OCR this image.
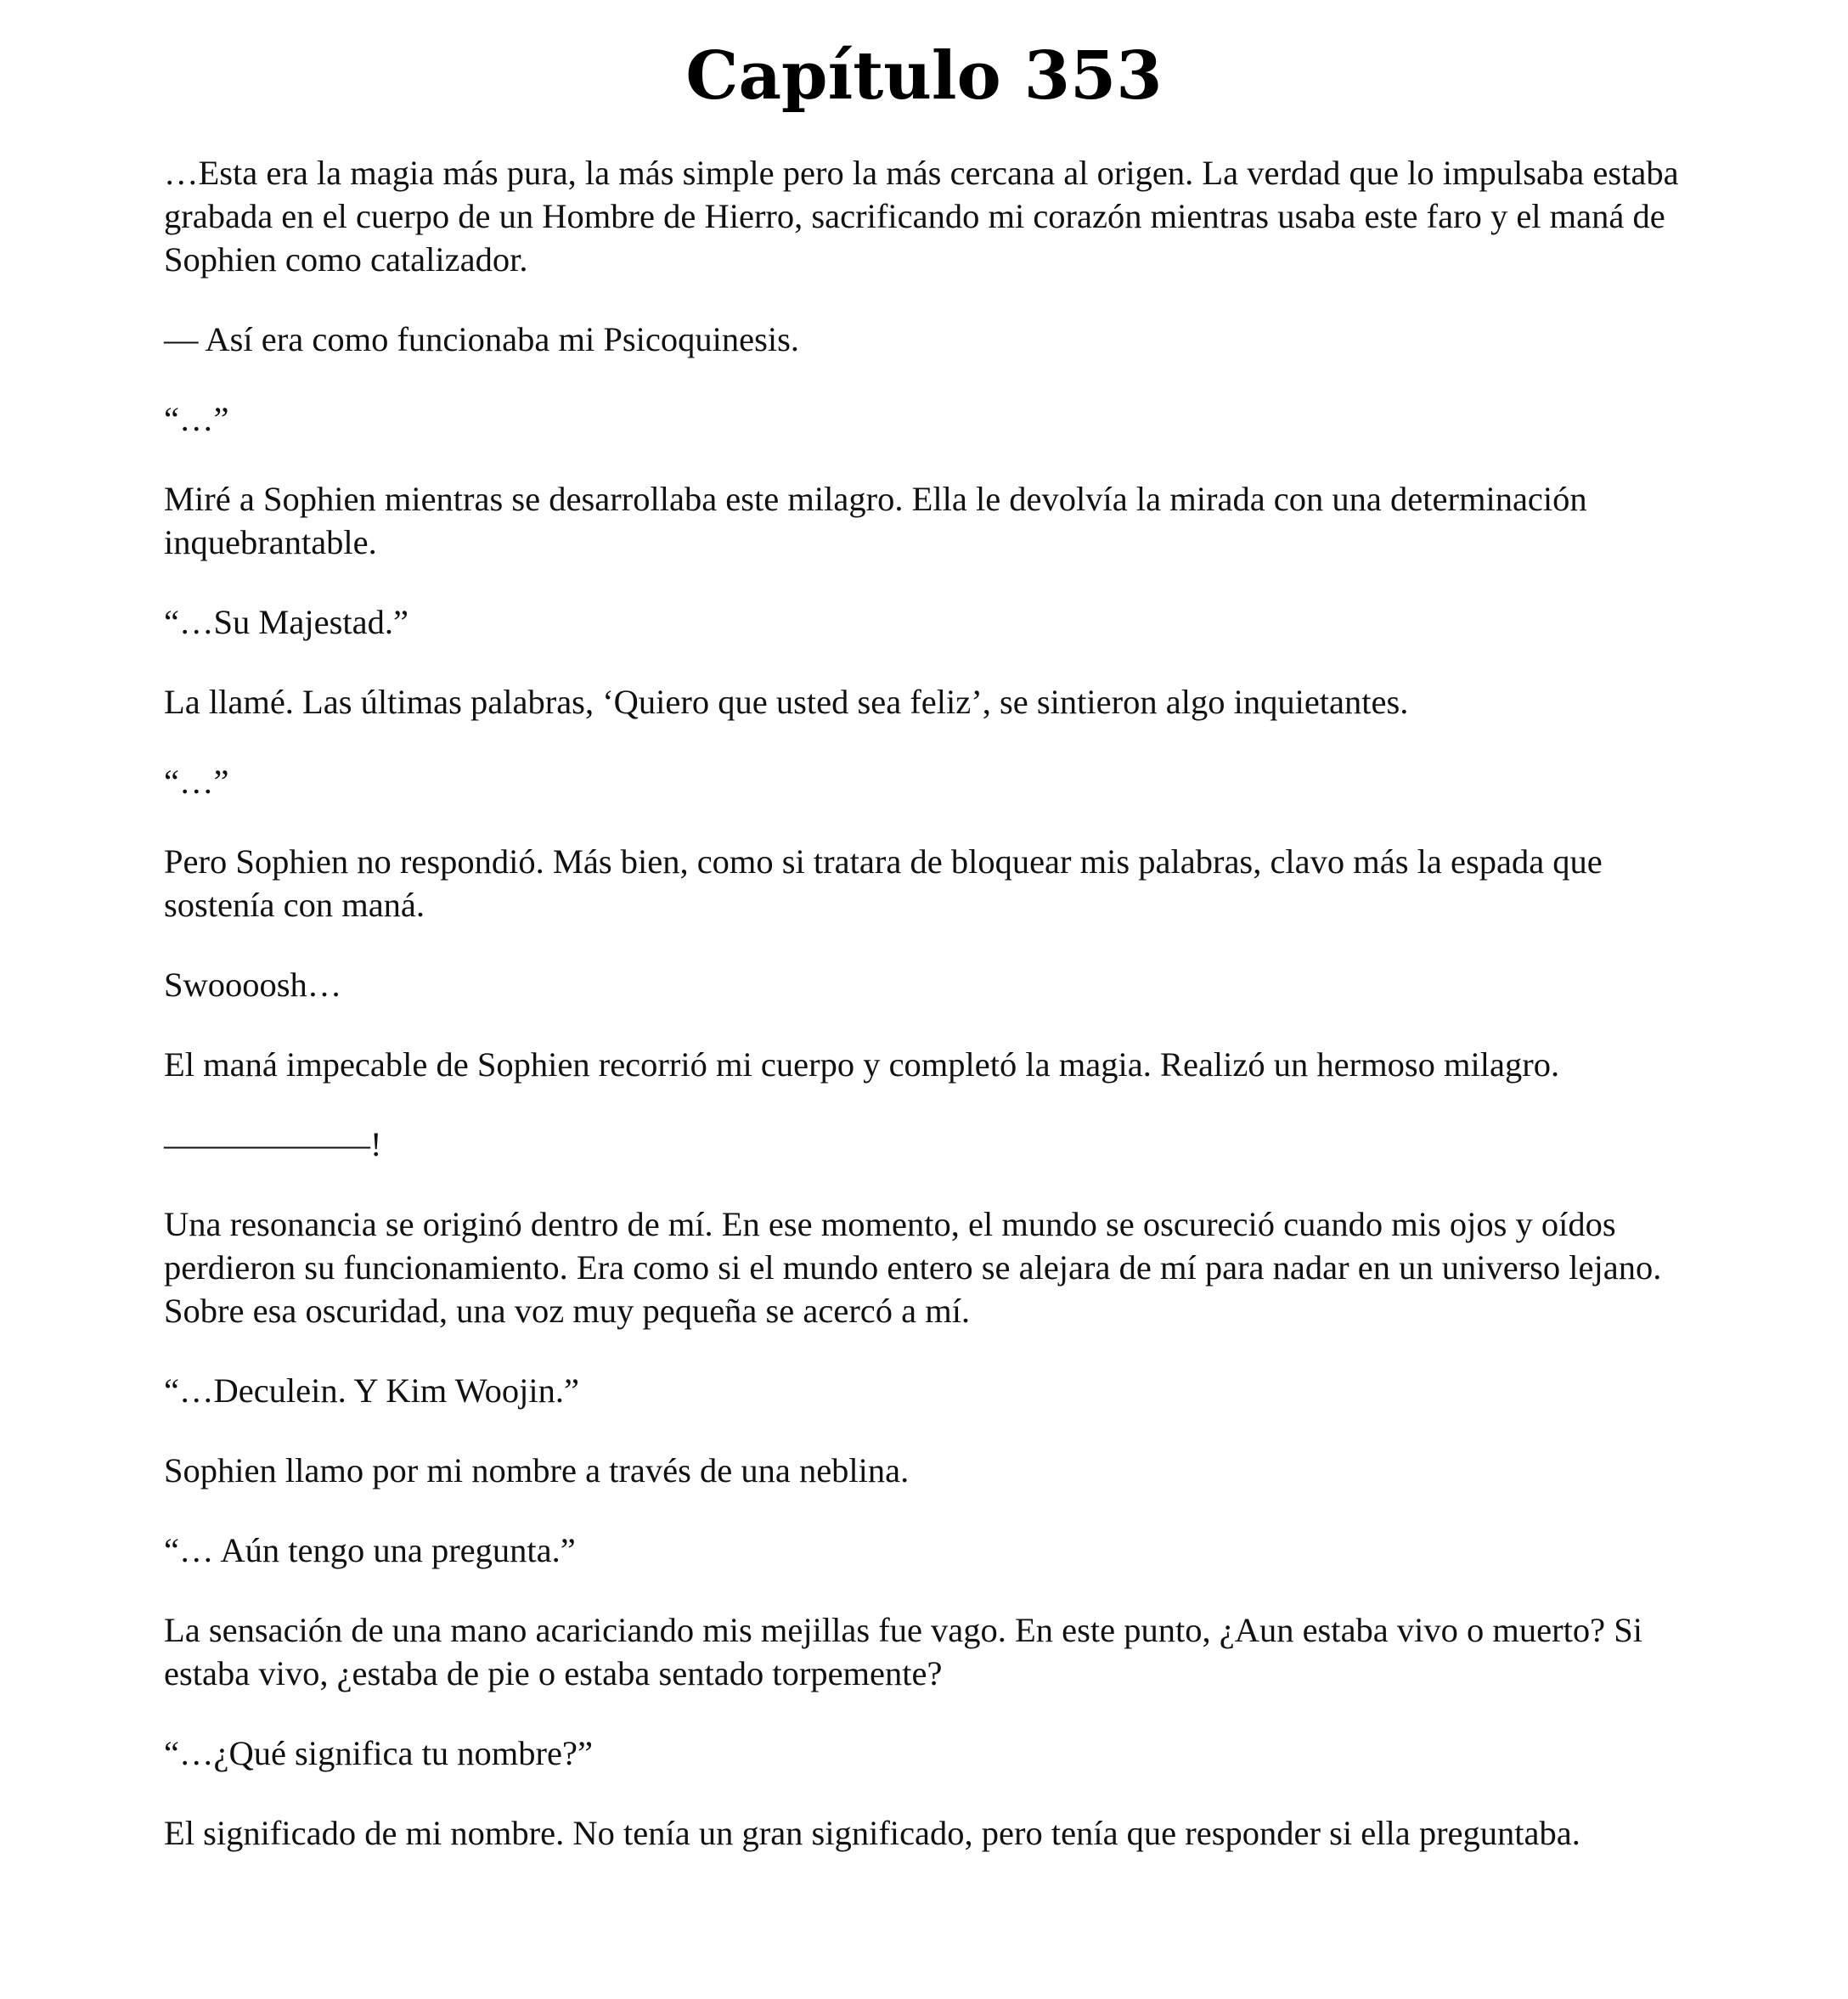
Capítulo 353

…Esta era la magia más pura, la más simple pero la más cercana al origen. La verdad que lo impulsaba estaba grabada en el cuerpo de un Hombre de Hierro, sacrificando mi corazón mientras usaba este faro y el maná de Sophien como catalizador.

— Así era como funcionaba mi Psicoquinesis.

“…”

Miré a Sophien mientras se desarrollaba este milagro. Ella le devolvía la mirada con una determinación inquebrantable.

“…Su Majestad.”

La llamé. Las últimas palabras, ‘Quiero que usted sea feliz’, se sintieron algo inquietantes.

“…”

Pero Sophien no respondió. Más bien, como si tratara de bloquear mis palabras, clavo más la espada que sostenía con maná.

Swoooosh…

El maná impecable de Sophien recorrió mi cuerpo y completó la magia. Realizó un hermoso milagro.

——————!

Una resonancia se originó dentro de mí. En ese momento, el mundo se oscureció cuando mis ojos y oídos perdieron su funcionamiento. Era como si el mundo entero se alejara de mí para nadar en un universo lejano. Sobre esa oscuridad, una voz muy pequeña se acercó a mí.

“…Deculein. Y Kim Woojin.”

Sophien llamo por mi nombre a través de una neblina.

“… Aún tengo una pregunta.”

La sensación de una mano acariciando mis mejillas fue vago. En este punto, ¿Aun estaba vivo o muerto? Si estaba vivo, ¿estaba de pie o estaba sentado torpemente?

“…¿Qué significa tu nombre?”

El significado de mi nombre. No tenía un gran significado, pero tenía que responder si ella preguntaba.
